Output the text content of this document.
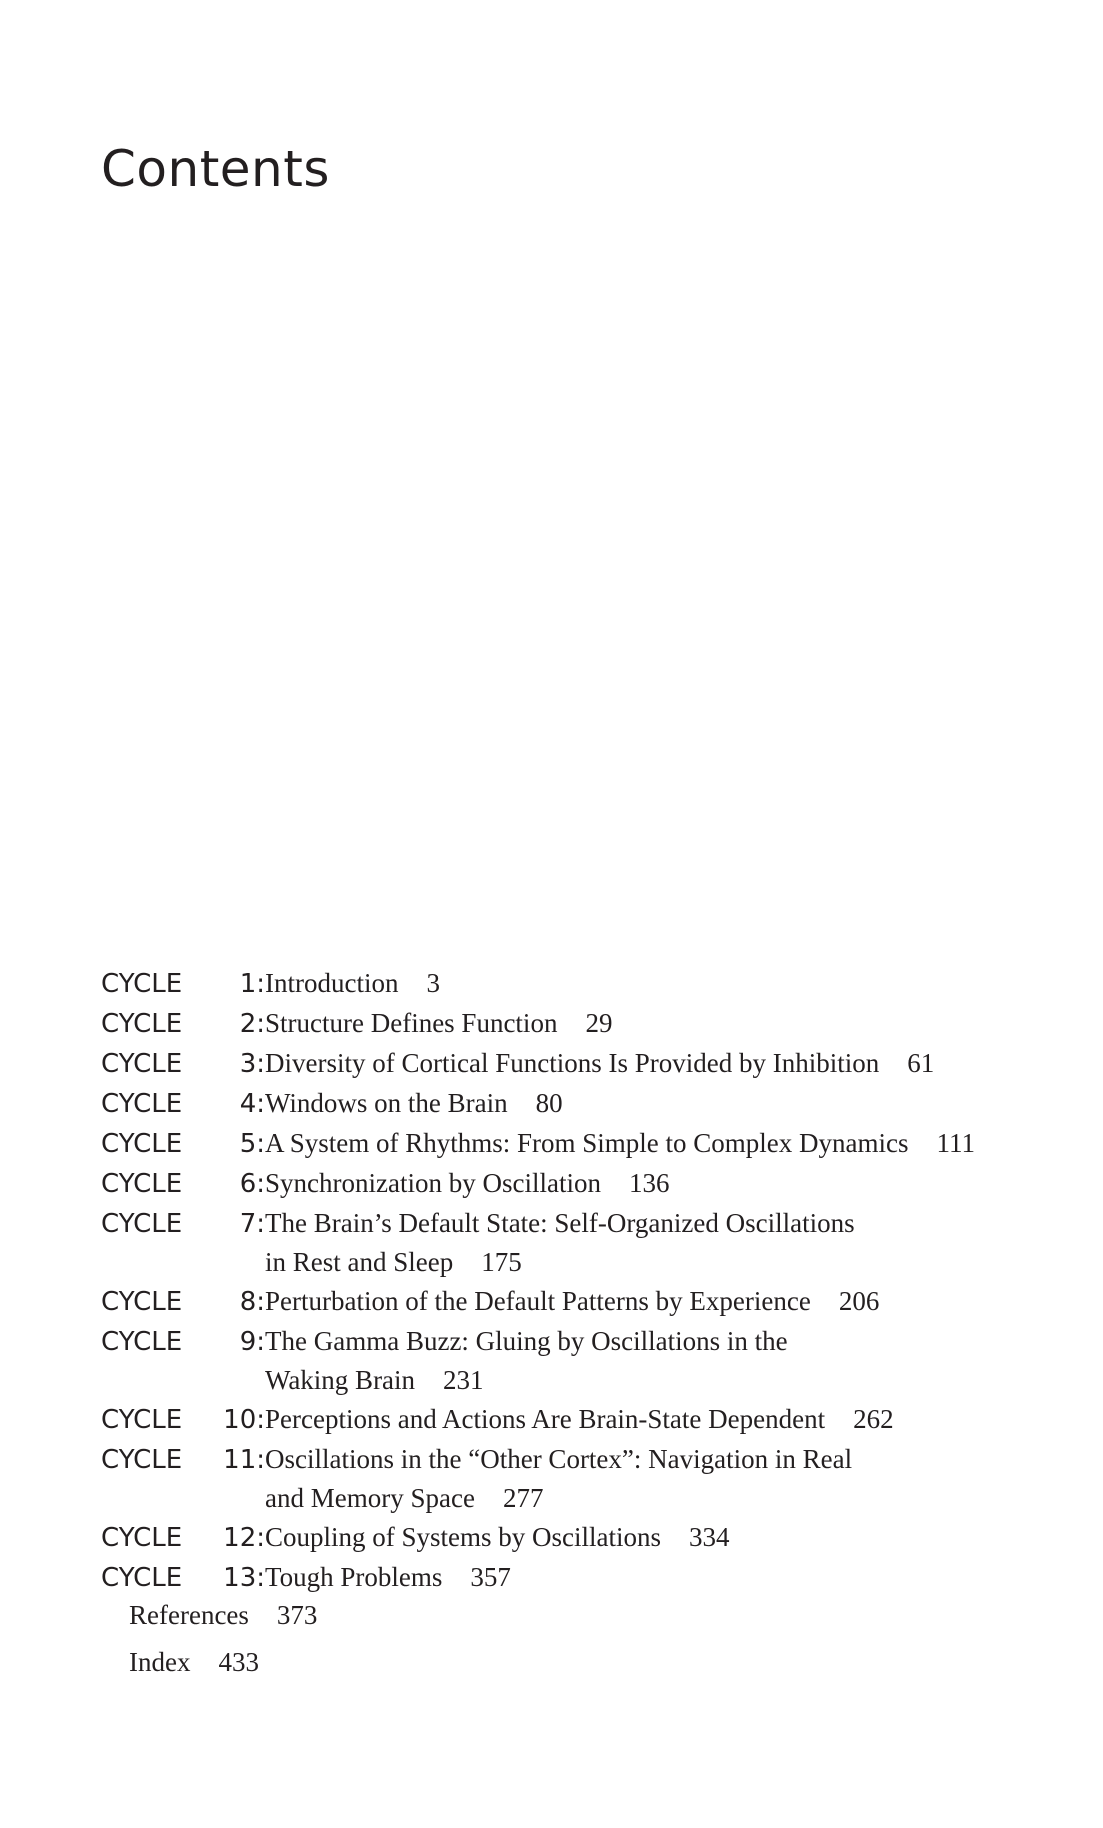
Contents
CYCLE 1: Introduction 3
CYCLE 2: Structure Defines Function 29
CYCLE 3: Diversity of Cortical Functions Is Provided by Inhibition 61
CYCLE 4: Windows on the Brain 80
CYCLE 5: A System of Rhythms: From Simple to Complex Dynamics 111
CYCLE 6: Synchronization by Oscillation 136
CYCLE 7: The Brain’s Default State: Self-Organized Oscillations
in Rest and Sleep 175
CYCLE 8: Perturbation of the Default Patterns by Experience 206
CYCLE 9: The Gamma Buzz: Gluing by Oscillations in the
Waking Brain 231
CYCLE 10: Perceptions and Actions Are Brain-State Dependent 262
CYCLE 11: Oscillations in the “Other Cortex”: Navigation in Real
and Memory Space 277
CYCLE 12: Coupling of Systems by Oscillations 334
CYCLE 13: Tough Problems 357
References 373
Index 433
